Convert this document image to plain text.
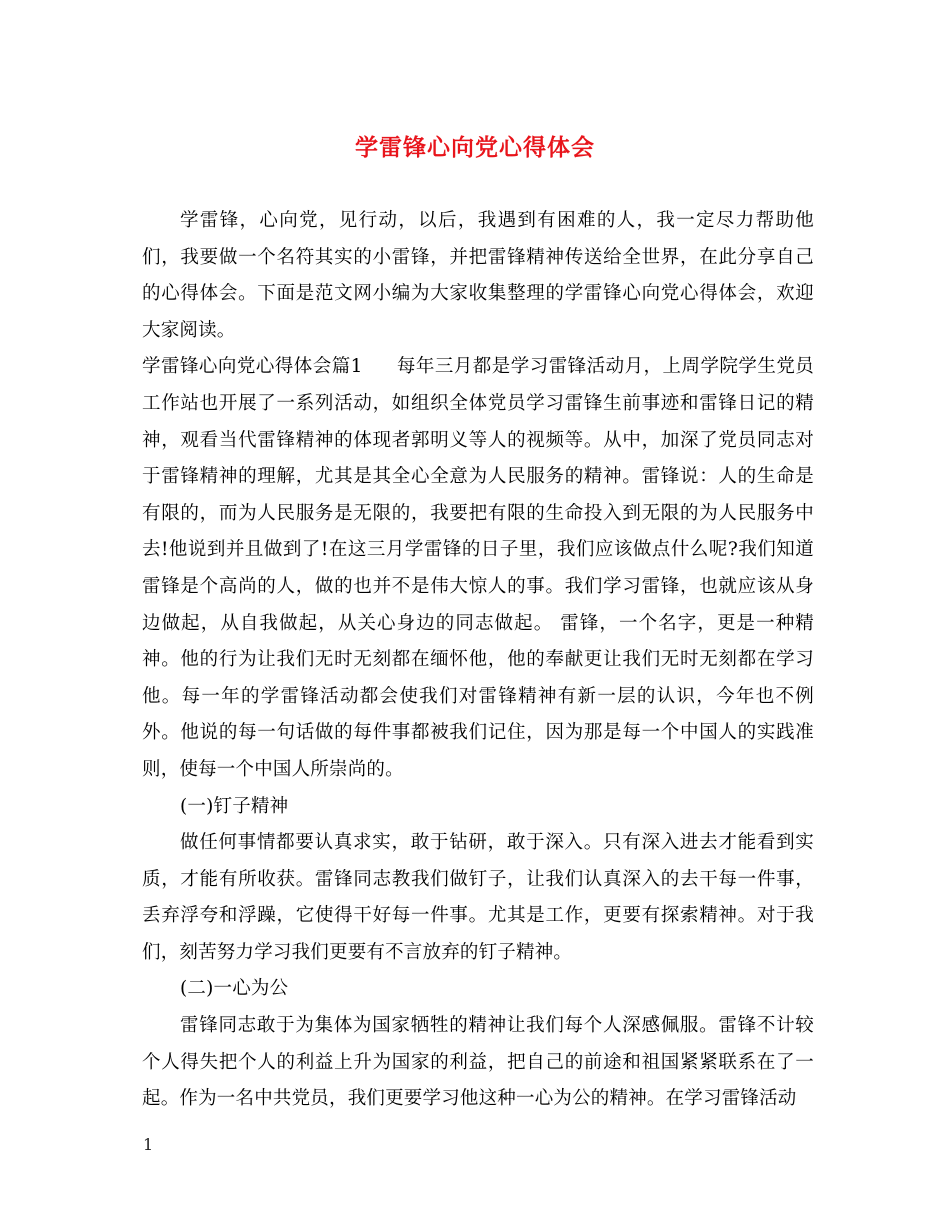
学雷锋心向党心得体会

学雷锋，心向党，见行动，以后，我遇到有困难的人，我一定尽力帮助他们，我要做一个名符其实的小雷锋，并把雷锋精神传送给全世界，在此分享自己的心得体会。下面是范文网小编为大家收集整理的学雷锋心向党心得体会，欢迎大家阅读。

学雷锋心向党心得体会篇1 每年三月都是学习雷锋活动月，上周学院学生党员工作站也开展了一系列活动，如组织全体党员学习雷锋生前事迹和雷锋日记的精神，观看当代雷锋精神的体现者郭明义等人的视频等。从中，加深了党员同志对于雷锋精神的理解，尤其是其全心全意为人民服务的精神。雷锋说：人的生命是有限的，而为人民服务是无限的，我要把有限的生命投入到无限的为人民服务中去!他说到并且做到了!在这三月学雷锋的日子里，我们应该做点什么呢?我们知道雷锋是个高尚的人，做的也并不是伟大惊人的事。我们学习雷锋，也就应该从身边做起，从自我做起，从关心身边的同志做起。 雷锋，一个名字，更是一种精神。他的行为让我们无时无刻都在缅怀他，他的奉献更让我们无时无刻都在学习他。每一年的学雷锋活动都会使我们对雷锋精神有新一层的认识，今年也不例外。他说的每一句话做的每件事都被我们记住，因为那是每一个中国人的实践准则，使每一个中国人所崇尚的。

(一)钉子精神

做任何事情都要认真求实，敢于钻研，敢于深入。只有深入进去才能看到实质，才能有所收获。雷锋同志教我们做钉子，让我们认真深入的去干每一件事，丢弃浮夸和浮躁，它使得干好每一件事。尤其是工作，更要有探索精神。对于我们，刻苦努力学习我们更要有不言放弃的钉子精神。

(二)一心为公

雷锋同志敢于为集体为国家牺牲的精神让我们每个人深感佩服。雷锋不计较个人得失把个人的利益上升为国家的利益，把自己的前途和祖国紧紧联系在了一起。作为一名中共党员，我们更要学习他这种一心为公的精神。在学习雷锋活动

1
